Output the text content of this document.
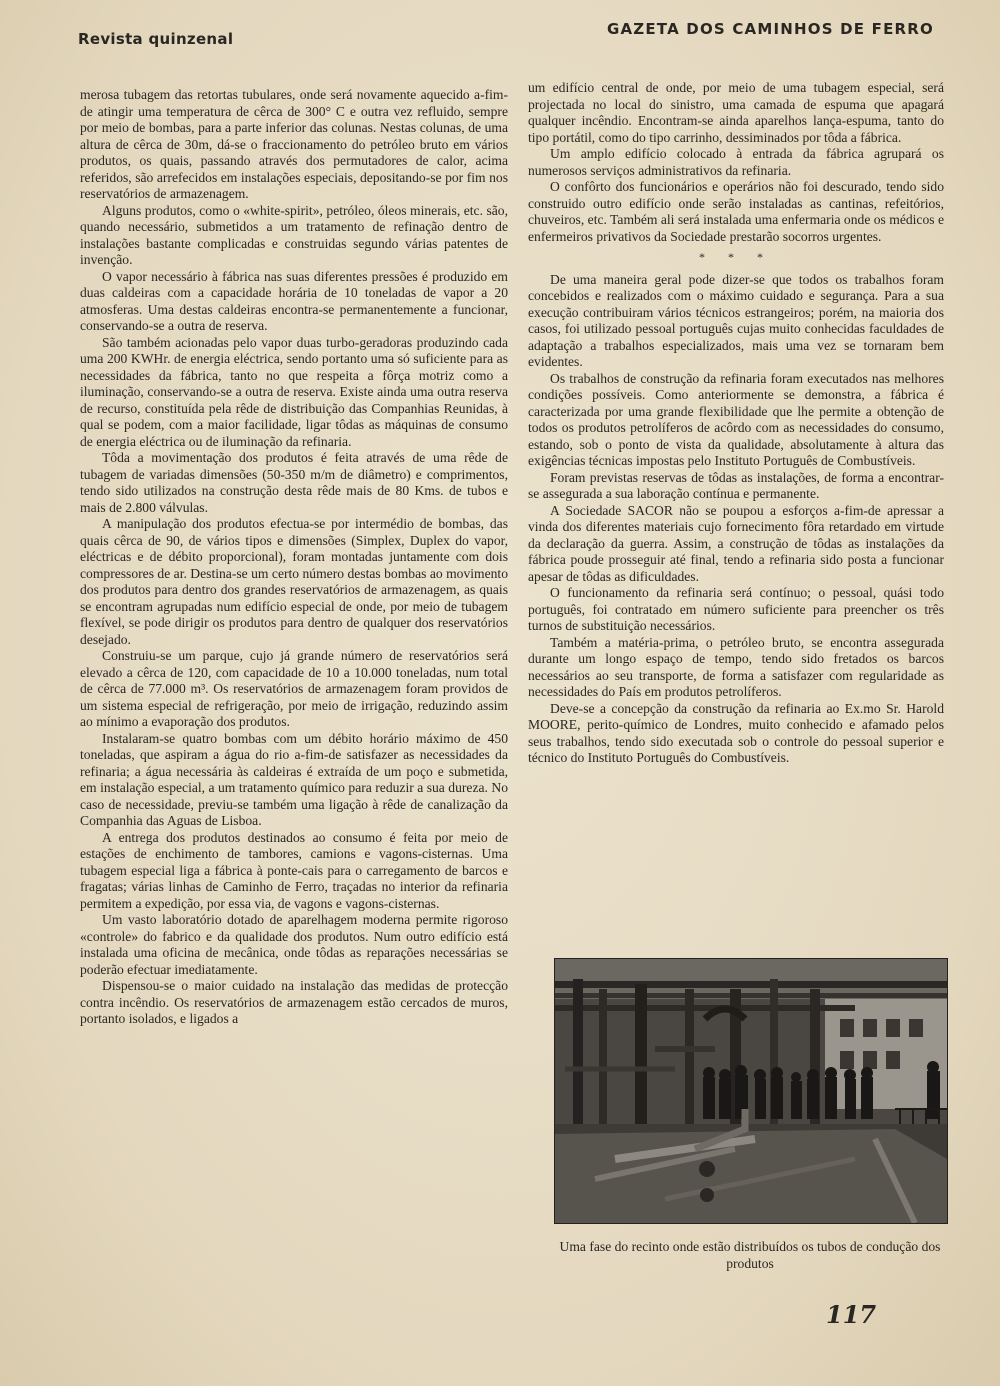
Revista quinzenal
GAZETA DOS CAMINHOS DE FERRO

merosa tubagem das retortas tubulares, onde será novamente aquecido a-fim-de atingir uma temperatura de cêrca de 300° C e outra vez refluido, sempre por meio de bombas, para a parte inferior das colunas. Nestas colunas, de uma altura de cêrca de 30m, dá-se o fraccionamento do petróleo bruto em vários produtos, os quais, passando através dos permutadores de calor, acima referidos, são arrefecidos em instalações especiais, depositando-se por fim nos reservatórios de armazenagem.

Alguns produtos, como o «white-spirit», petróleo, óleos minerais, etc. são, quando necessário, submetidos a um tratamento de refinação dentro de instalações bastante complicadas e construidas segundo várias patentes de invenção.

O vapor necessário à fábrica nas suas diferentes pressões é produzido em duas caldeiras com a capacidade horária de 10 toneladas de vapor a 20 atmosferas. Uma destas caldeiras encontra-se permanentemente a funcionar, conservando-se a outra de reserva.

São também acionadas pelo vapor duas turbo-geradoras produzindo cada uma 200 KWHr. de energia eléctrica, sendo portanto uma só suficiente para as necessidades da fábrica, tanto no que respeita a fôrça motriz como a iluminação, conservando-se a outra de reserva. Existe ainda uma outra reserva de recurso, constituída pela rêde de distribuição das Companhias Reunidas, à qual se podem, com a maior facilidade, ligar tôdas as máquinas de consumo de energia eléctrica ou de iluminação da refinaria.

Tôda a movimentação dos produtos é feita através de uma rêde de tubagem de variadas dimensões (50-350 m/m de diâmetro) e comprimentos, tendo sido utilizados na construção desta rêde mais de 80 Kms. de tubos e mais de 2.800 válvulas.

A manipulação dos produtos efectua-se por intermédio de bombas, das quais cêrca de 90, de vários tipos e dimensões (Simplex, Duplex do vapor, eléctricas e de débito proporcional), foram montadas juntamente com dois compressores de ar. Destina-se um certo número destas bombas ao movimento dos produtos para dentro dos grandes reservatórios de armazenagem, as quais se encontram agrupadas num edifício especial de onde, por meio de tubagem flexível, se pode dirigir os produtos para dentro de qualquer dos reservatórios desejado.

Construiu-se um parque, cujo já grande número de reservatórios será elevado a cêrca de 120, com capacidade de 10 a 10.000 toneladas, num total de cêrca de 77.000 m³. Os reservatórios de armazenagem foram providos de um sistema especial de refrigeração, por meio de irrigação, reduzindo assim ao mínimo a evaporação dos produtos.

Instalaram-se quatro bombas com um débito horário máximo de 450 toneladas, que aspiram a água do rio a-fim-de satisfazer as necessidades da refinaria; a água necessária às caldeiras é extraída de um poço e submetida, em instalação especial, a um tratamento químico para reduzir a sua dureza. No caso de necessidade, previu-se também uma ligação à rêde de canalização da Companhia das Aguas de Lisboa.

A entrega dos produtos destinados ao consumo é feita por meio de estações de enchimento de tambores, camions e vagons-cisternas. Uma tubagem especial liga a fábrica à ponte-cais para o carregamento de barcos e fragatas; várias linhas de Caminho de Ferro, traçadas no interior da refinaria permitem a expedição, por essa via, de vagons e vagons-cisternas.

Um vasto laboratório dotado de aparelhagem moderna permite rigoroso «controle» do fabrico e da qualidade dos produtos. Num outro edifício está instalada uma oficina de mecânica, onde tôdas as reparações necessárias se poderão efectuar imediatamente.

Dispensou-se o maior cuidado na instalação das medidas de protecção contra incêndio. Os reservatórios de armazenagem estão cercados de muros, portanto isolados, e ligados a

um edifício central de onde, por meio de uma tubagem especial, será projectada no local do sinistro, uma camada de espuma que apagará qualquer incêndio. Encontram-se ainda aparelhos lança-espuma, tanto do tipo portátil, como do tipo carrinho, dessiminados por tôda a fábrica.

Um amplo edifício colocado à entrada da fábrica agrupará os numerosos serviços administrativos da refinaria.

O confôrto dos funcionários e operários não foi descurado, tendo sido construido outro edifício onde serão instaladas as cantinas, refeitórios, chuveiros, etc. Também ali será instalada uma enfermaria onde os médicos e enfermeiros privativos da Sociedade prestarão socorros urgentes.

* * *

De uma maneira geral pode dizer-se que todos os trabalhos foram concebidos e realizados com o máximo cuidado e segurança. Para a sua execução contribuiram vários técnicos estrangeiros; porém, na maioria dos casos, foi utilizado pessoal português cujas muito conhecidas faculdades de adaptação a trabalhos especializados, mais uma vez se tornaram bem evidentes.

Os trabalhos de construção da refinaria foram executados nas melhores condições possíveis. Como anteriormente se demonstra, a fábrica é caracterizada por uma grande flexibilidade que lhe permite a obtenção de todos os produtos petrolíferos de acôrdo com as necessidades do consumo, estando, sob o ponto de vista da qualidade, absolutamente à altura das exigências técnicas impostas pelo Instituto Português de Combustíveis.

Foram previstas reservas de tôdas as instalações, de forma a encontrar-se assegurada a sua laboração contínua e permanente.

A Sociedade SACOR não se poupou a esforços a-fim-de apressar a vinda dos diferentes materiais cujo fornecimento fôra retardado em virtude da declaração da guerra. Assim, a construção de tôdas as instalações da fábrica poude prosseguir até final, tendo a refinaria sido posta a funcionar apesar de tôdas as dificuldades.

O funcionamento da refinaria será contínuo; o pessoal, quási todo português, foi contratado em número suficiente para preencher os três turnos de substituição necessários.

Também a matéria-prima, o petróleo bruto, se encontra assegurada durante um longo espaço de tempo, tendo sido fretados os barcos necessários ao seu transporte, de forma a satisfazer com regularidade as necessidades do País em produtos petrolíferos.

Deve-se a concepção da construção da refinaria ao Ex.mo Sr. Harold MOORE, perito-químico de Londres, muito conhecido e afamado pelos seus trabalhos, tendo sido executada sob o controle do pessoal superior e técnico do Instituto Português do Combustíveis.

Uma fase do recinto onde estão distribuídos os tubos de condução dos produtos
117
